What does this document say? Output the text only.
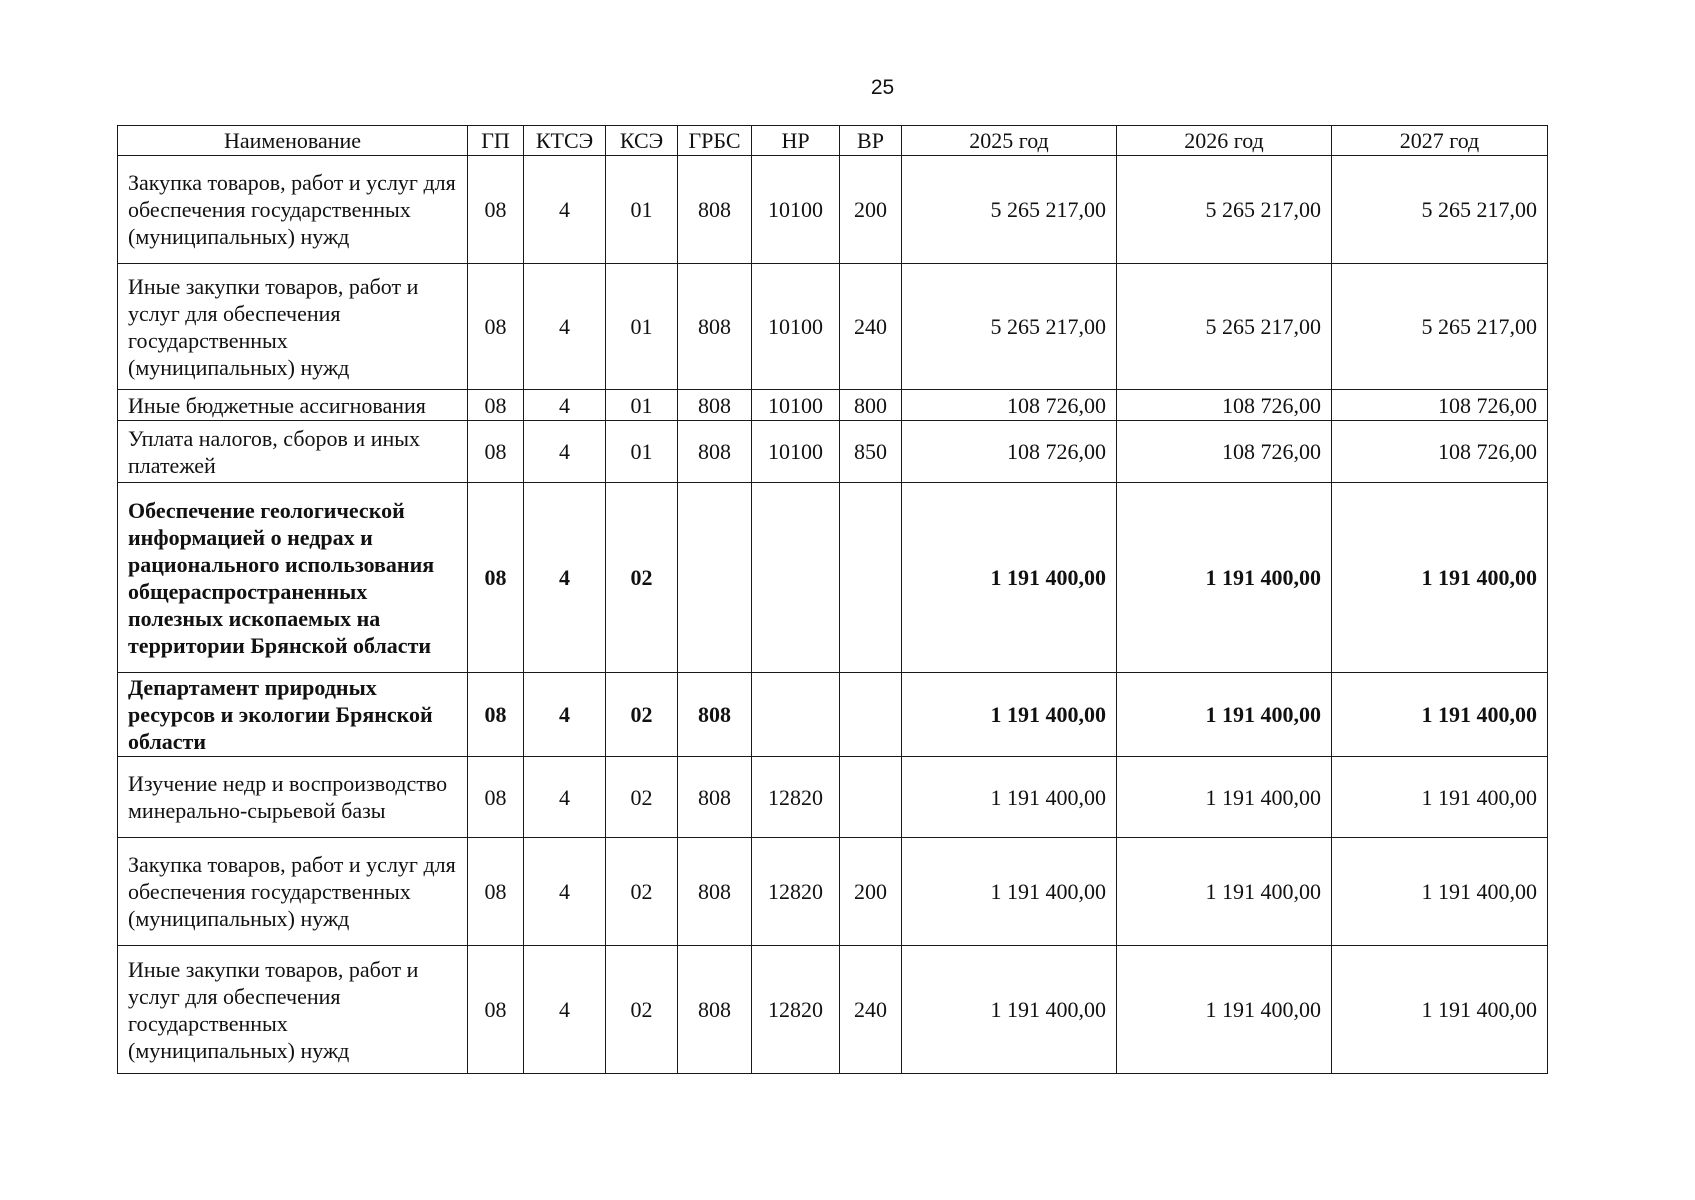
25
Наименование	ГП	КТСЭ	КСЭ	ГРБС	НР	ВР	2025 год	2026 год	2027 год
Закупка товаров, работ и услуг для обеспечения государственных (муниципальных) нужд	08	4	01	808	10100	200	5 265 217,00	5 265 217,00	5 265 217,00
Иные закупки товаров, работ и услуг для обеспечения государственных (муниципальных) нужд	08	4	01	808	10100	240	5 265 217,00	5 265 217,00	5 265 217,00
Иные бюджетные ассигнования	08	4	01	808	10100	800	108 726,00	108 726,00	108 726,00
Уплата налогов, сборов и иных платежей	08	4	01	808	10100	850	108 726,00	108 726,00	108 726,00
Обеспечение геологической информацией о недрах и рационального использования общераспространенных полезных ископаемых на территории Брянской области	08	4	02				1 191 400,00	1 191 400,00	1 191 400,00
Департамент природных ресурсов и экологии Брянской области	08	4	02	808			1 191 400,00	1 191 400,00	1 191 400,00
Изучение недр и воспроизводство минерально-сырьевой базы	08	4	02	808	12820		1 191 400,00	1 191 400,00	1 191 400,00
Закупка товаров, работ и услуг для обеспечения государственных (муниципальных) нужд	08	4	02	808	12820	200	1 191 400,00	1 191 400,00	1 191 400,00
Иные закупки товаров, работ и услуг для обеспечения государственных (муниципальных) нужд	08	4	02	808	12820	240	1 191 400,00	1 191 400,00	1 191 400,00
